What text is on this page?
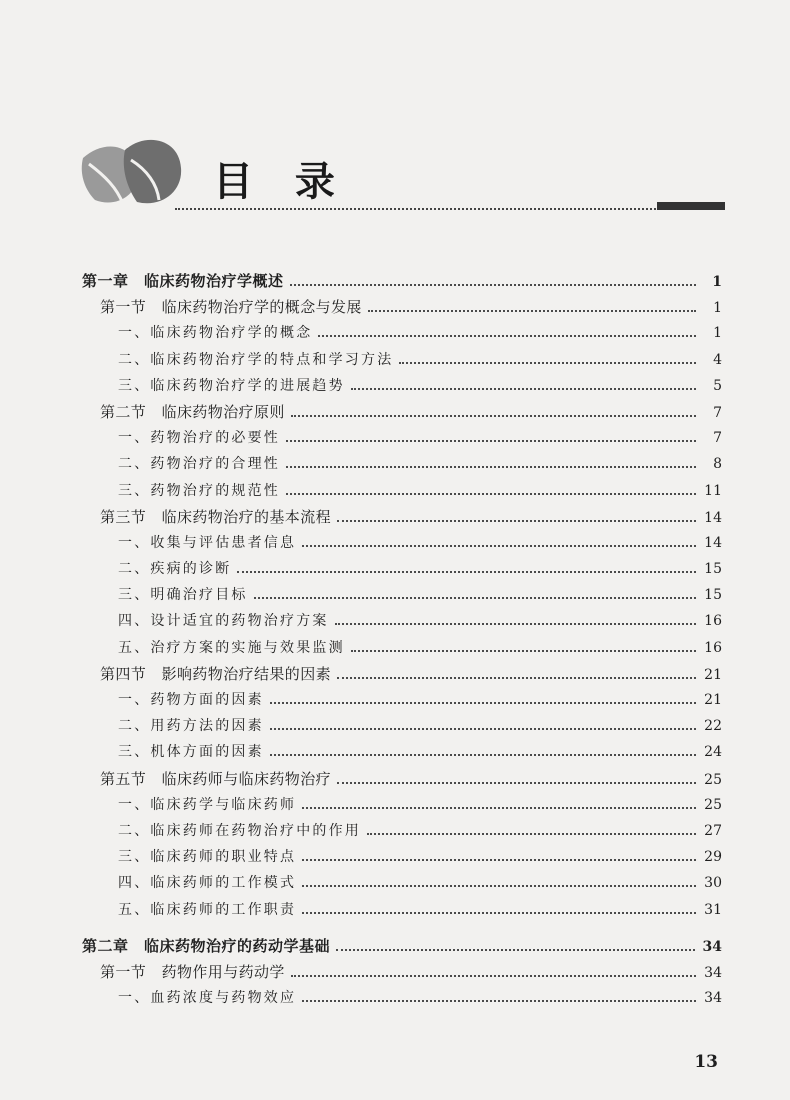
目 录
第一章　临床药物治疗学概述	1
第一节　临床药物治疗学的概念与发展	1
一、临床药物治疗学的概念	1
二、临床药物治疗学的特点和学习方法	4
三、临床药物治疗学的进展趋势	5
第二节　临床药物治疗原则	7
一、药物治疗的必要性	7
二、药物治疗的合理性	8
三、药物治疗的规范性	11
第三节　临床药物治疗的基本流程	14
一、收集与评估患者信息	14
二、疾病的诊断	15
三、明确治疗目标	15
四、设计适宜的药物治疗方案	16
五、治疗方案的实施与效果监测	16
第四节　影响药物治疗结果的因素	21
一、药物方面的因素	21
二、用药方法的因素	22
三、机体方面的因素	24
第五节　临床药师与临床药物治疗	25
一、临床药学与临床药师	25
二、临床药师在药物治疗中的作用	27
三、临床药师的职业特点	29
四、临床药师的工作模式	30
五、临床药师的工作职责	31
第二章　临床药物治疗的药动学基础	34
第一节　药物作用与药动学	34
一、血药浓度与药物效应	34
13
